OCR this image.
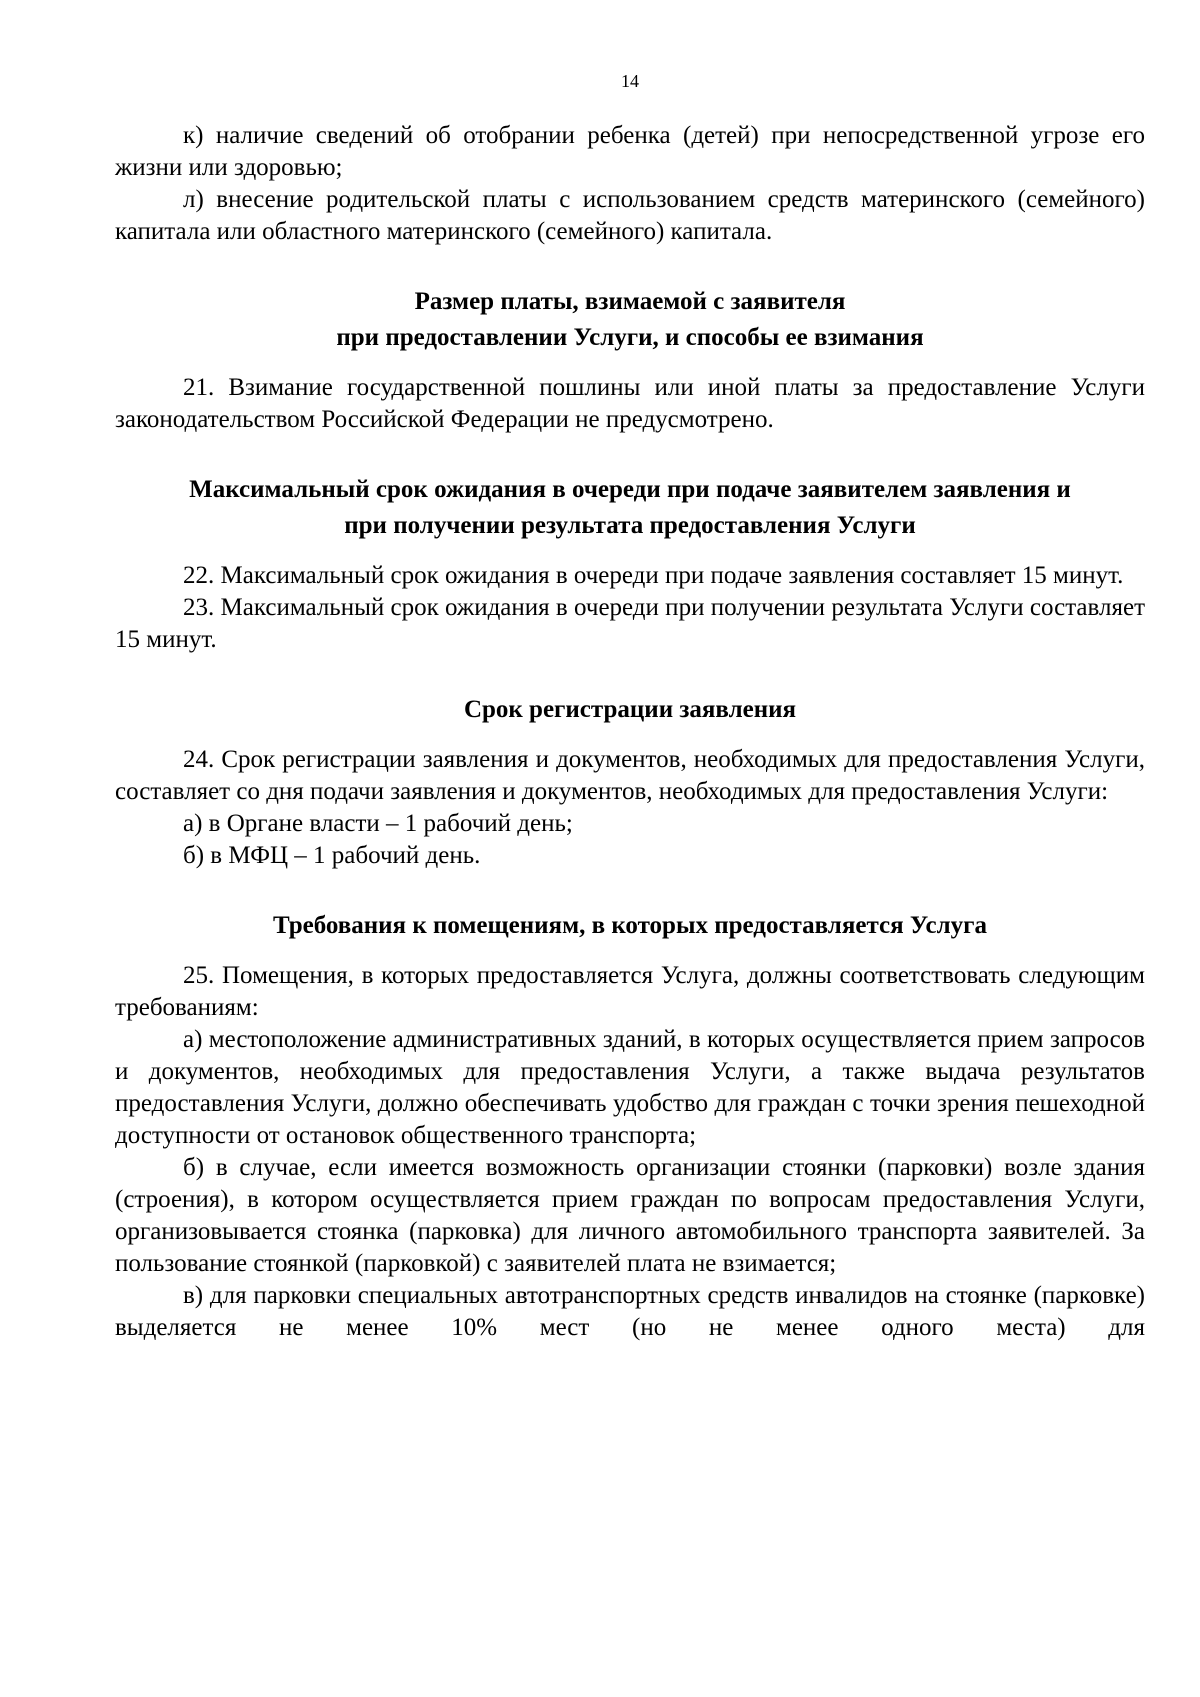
14

к) наличие сведений об отобрании ребенка (детей) при непосредственной угрозе его жизни или здоровью;

л) внесение родительской платы с использованием средств материнского (семейного) капитала или областного материнского (семейного) капитала.

Размер платы, взимаемой с заявителя
при предоставлении Услуги, и способы ее взимания

21. Взимание государственной пошлины или иной платы за предоставление Услуги законодательством Российской Федерации не предусмотрено.

Максимальный срок ожидания в очереди при подаче заявителем заявления и
при получении результата предоставления Услуги

22. Максимальный срок ожидания в очереди при подаче заявления составляет 15 минут.

23. Максимальный срок ожидания в очереди при получении результата Услуги составляет 15 минут.

Срок регистрации заявления

24. Срок регистрации заявления и документов, необходимых для предоставления Услуги, составляет со дня подачи заявления и документов, необходимых для предоставления Услуги:

а) в Органе власти – 1 рабочий день;

б) в МФЦ – 1 рабочий день.

Требования к помещениям, в которых предоставляется Услуга

25. Помещения, в которых предоставляется Услуга, должны соответствовать следующим требованиям:

а) местоположение административных зданий, в которых осуществляется прием запросов и документов, необходимых для предоставления Услуги, а также выдача результатов предоставления Услуги, должно обеспечивать удобство для граждан с точки зрения пешеходной доступности от остановок общественного транспорта;

б) в случае, если имеется возможность организации стоянки (парковки) возле здания (строения), в котором осуществляется прием граждан по вопросам предоставления Услуги, организовывается стоянка (парковка) для личного автомобильного транспорта заявителей. За пользование стоянкой (парковкой) с заявителей плата не взимается;

в) для парковки специальных автотранспортных средств инвалидов на стоянке (парковке) выделяется не менее 10% мест (но не менее одного места) для
